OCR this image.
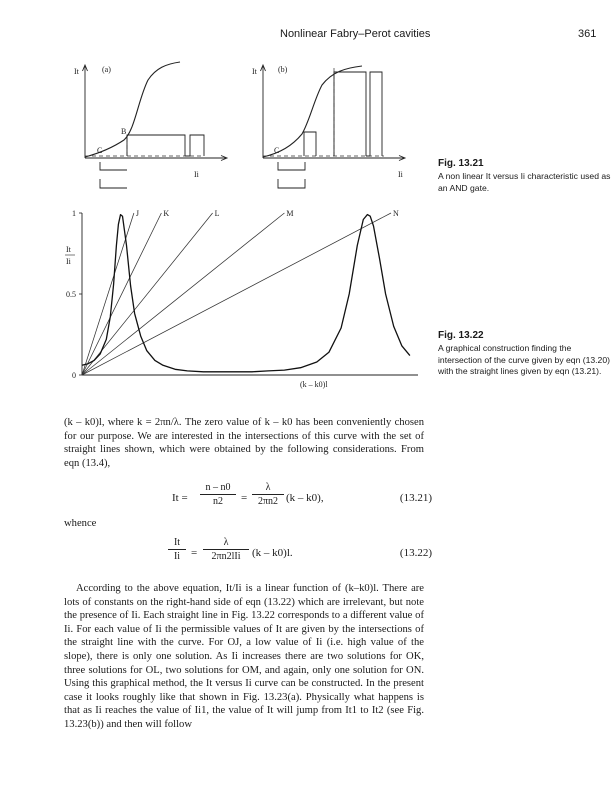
Nonlinear Fabry–Perot cavities	361
It	(a)
B
C
Ii
It	(b)
C
Ii
Fig. 13.21
A non linear It versus Ii characteristic used as an AND gate.
0
0.5
1	J	K	L	M	N
(k – k0)l
It
Ii
Fig. 13.22
A graphical construction finding the intersection of the curve given by eqn (13.20) with the straight lines given by eqn (13.21).

(k – k0)l, where k = 2πn/λ. The zero value of k – k0 has been conveniently chosen for our purpose. We are interested in the intersections of this curve with the set of straight lines shown, which were obtained by the following considerations. From eqn (13.4),

$It = \frac{n - n0}{n2} = \frac{\lambda}{2\pi n2} (k - k0)$,	(13.21)
whence
$\frac{It}{Ii}$ =
λ
2πn2lIi	(k – k0)l.	(13.22)

According to the above equation, It/Ii is a linear function of (k–k0)l. There are lots of constants on the right-hand side of eqn (13.22) which are irrelevant, but note the presence of Ii. Each straight line in Fig. 13.22 corresponds to a different value of Ii. For each value of Ii the permissible values of It are given by the intersections of the straight line with the curve. For OJ, a low value of Ii (i.e. high value of the slope), there is only one solution. As Ii increases there are two solutions for OK, three solutions for OL, two solutions for OM, and again, only one solution for ON. Using this graphical method, the It versus Ii curve can be constructed. In the present case it looks roughly like that shown in Fig. 13.23(a). Physically what happens is that as Ii reaches the value of Ii1, the value of It will jump from It1 to It2 (see Fig. 13.23(b)) and then will follow
